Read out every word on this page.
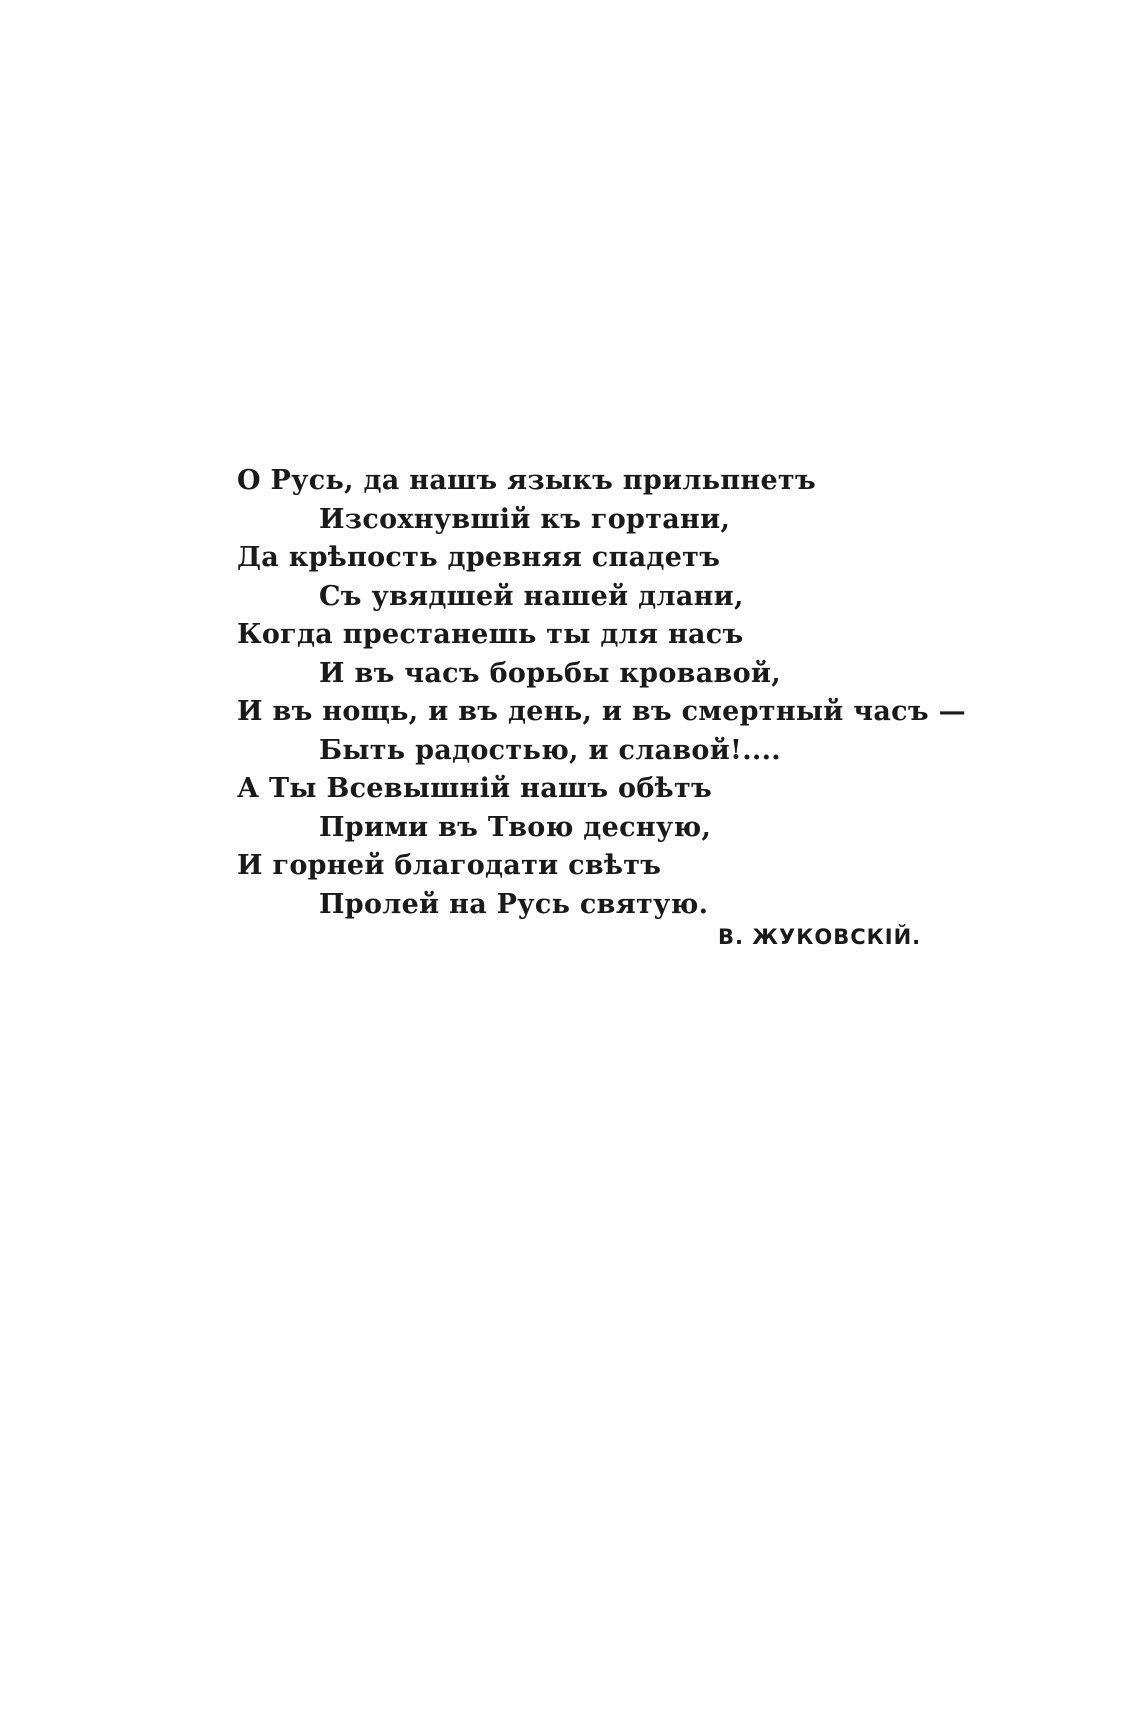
О Русь, да нашъ языкъ прильпнетъ
Изсохнувшій къ гортани,
Да крѣпость древняя спадетъ
Съ увядшей нашей длани,
Когда престанешь ты для насъ
И въ часъ борьбы кровавой,
И въ нощь, и въ день, и въ смертный часъ —
Быть радостью, и славой!....
А Ты Всевышній нашъ обѣтъ
Прими въ Твою десную,
И горней благодати свѣтъ
Пролей на Русь святую.
В. ЖУКОВСКІЙ.
